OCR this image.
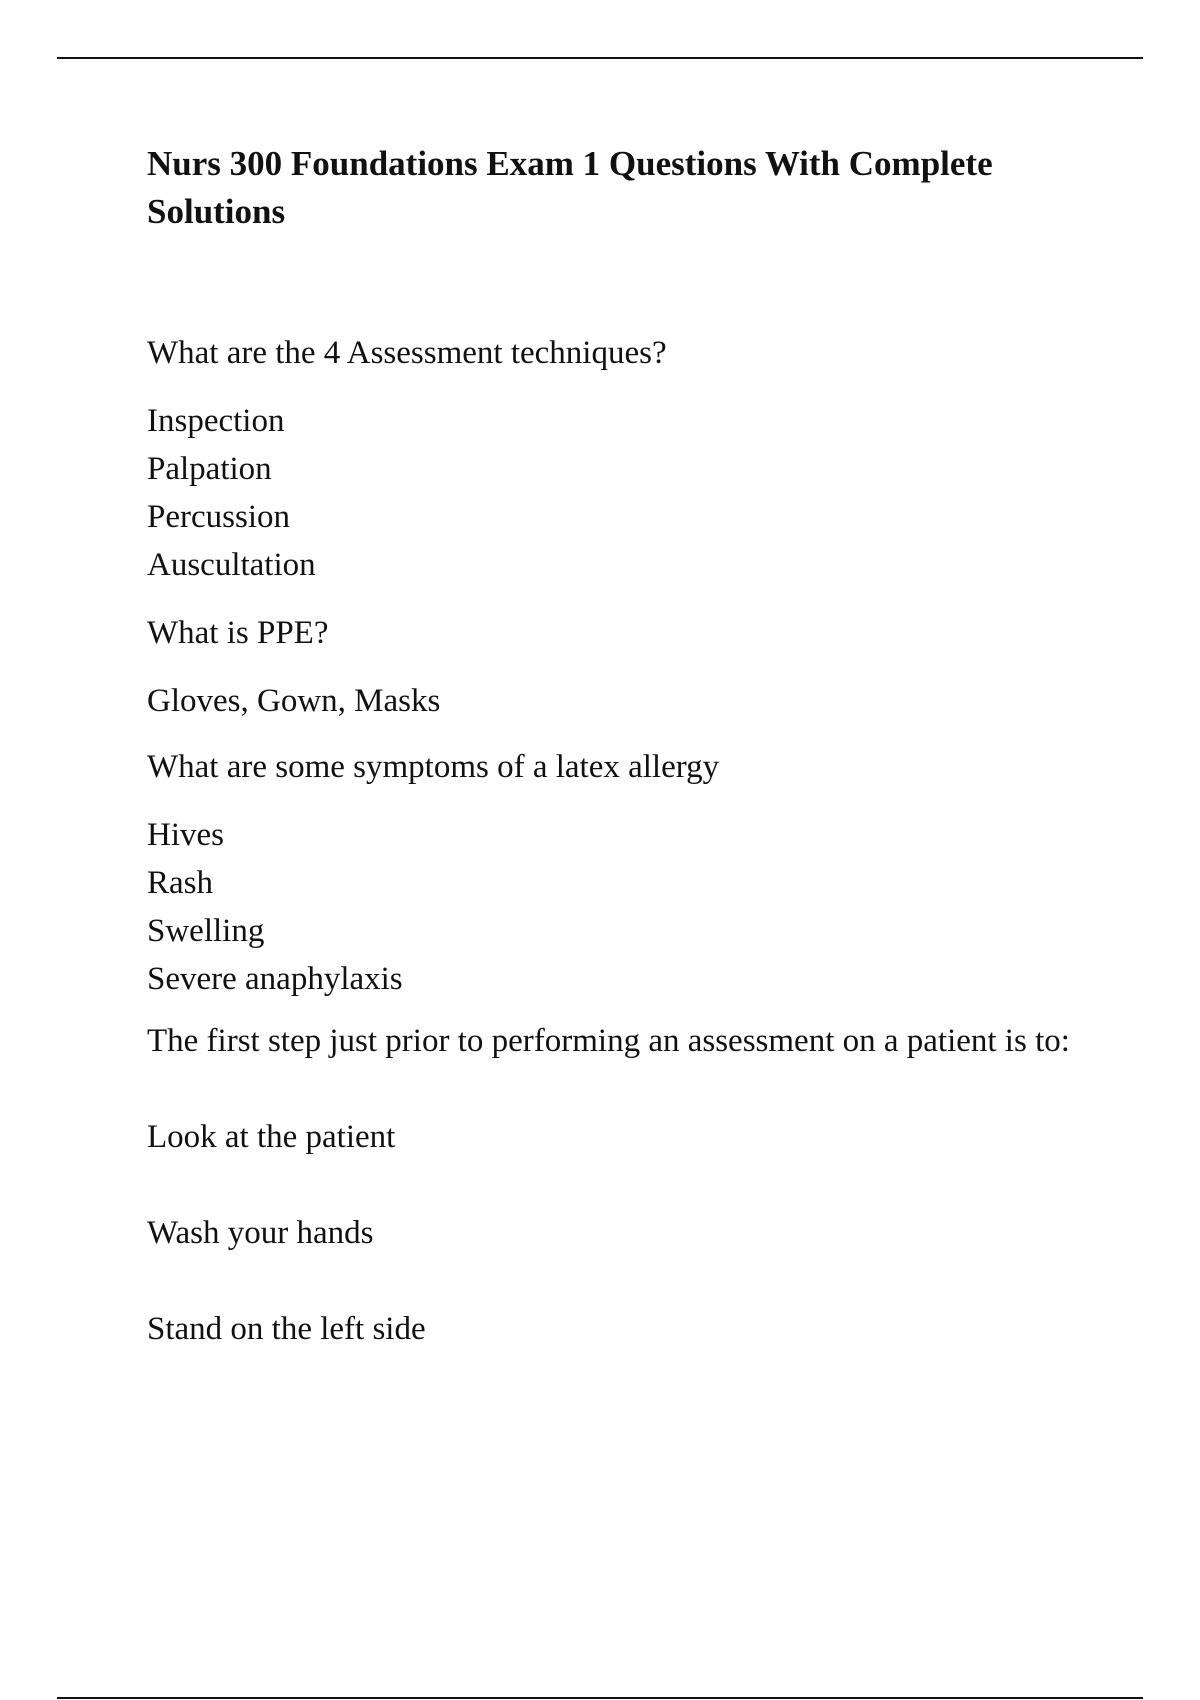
Nurs 300 Foundations Exam 1 Questions With Complete Solutions

What are the 4 Assessment techniques?

Inspection
Palpation
Percussion
Auscultation

What is PPE?

Gloves, Gown, Masks

What are some symptoms of a latex allergy

Hives
Rash
Swelling
Severe anaphylaxis

The first step just prior to performing an assessment on a patient is to:

Look at the patient

Wash your hands

Stand on the left side
